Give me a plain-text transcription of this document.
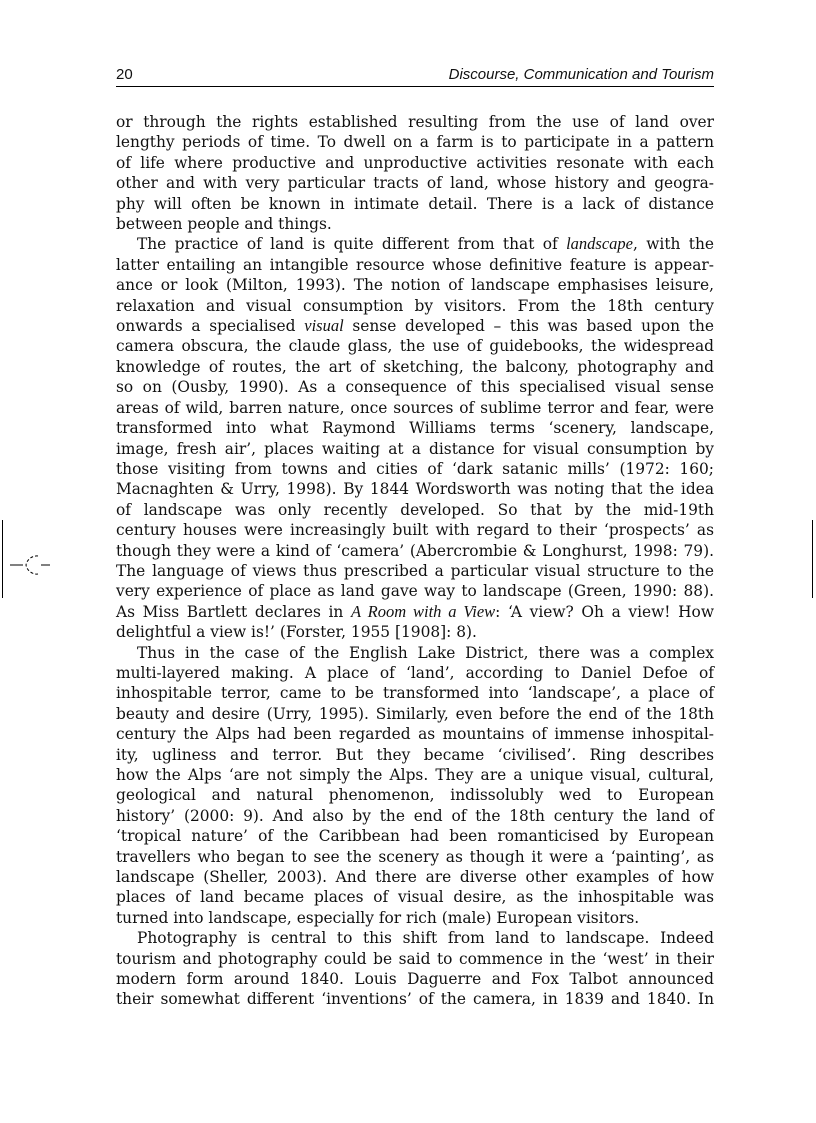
20	Discourse, Communication and Tourism

or through the rights established resulting from the use of land over
lengthy periods of time. To dwell on a farm is to participate in a pattern
of life where productive and unproductive activities resonate with each
other and with very particular tracts of land, whose history and geogra-
phy will often be known in intimate detail. There is a lack of distance
between people and things.

The practice of land is quite different from that of landscape, with the
latter entailing an intangible resource whose definitive feature is appear-
ance or look (Milton, 1993). The notion of landscape emphasises leisure,
relaxation and visual consumption by visitors. From the 18th century
onwards a specialised visual sense developed – this was based upon the
camera obscura, the claude glass, the use of guidebooks, the widespread
knowledge of routes, the art of sketching, the balcony, photography and
so on (Ousby, 1990). As a consequence of this specialised visual sense
areas of wild, barren nature, once sources of sublime terror and fear, were
transformed into what Raymond Williams terms ‘scenery, landscape,
image, fresh air’, places waiting at a distance for visual consumption by
those visiting from towns and cities of ‘dark satanic mills’ (1972: 160;
Macnaghten & Urry, 1998). By 1844 Wordsworth was noting that the idea
of landscape was only recently developed. So that by the mid-19th
century houses were increasingly built with regard to their ‘prospects’ as
though they were a kind of ‘camera’ (Abercrombie & Longhurst, 1998: 79).
The language of views thus prescribed a particular visual structure to the
very experience of place as land gave way to landscape (Green, 1990: 88).
As Miss Bartlett declares in A Room with a View: ‘A view? Oh a view! How
delightful a view is!’ (Forster, 1955 [1908]: 8).

Thus in the case of the English Lake District, there was a complex
multi-layered making. A place of ‘land’, according to Daniel Defoe of
inhospitable terror, came to be transformed into ‘landscape’, a place of
beauty and desire (Urry, 1995). Similarly, even before the end of the 18th
century the Alps had been regarded as mountains of immense inhospital-
ity, ugliness and terror. But they became ‘civilised’. Ring describes
how the Alps ‘are not simply the Alps. They are a unique visual, cultural,
geological and natural phenomenon, indissolubly wed to European
history’ (2000: 9). And also by the end of the 18th century the land of
‘tropical nature’ of the Caribbean had been romanticised by European
travellers who began to see the scenery as though it were a ‘painting’, as
landscape (Sheller, 2003). And there are diverse other examples of how
places of land became places of visual desire, as the inhospitable was
turned into landscape, especially for rich (male) European visitors.

Photography is central to this shift from land to landscape. Indeed
tourism and photography could be said to commence in the ‘west’ in their
modern form around 1840. Louis Daguerre and Fox Talbot announced
their somewhat different ‘inventions’ of the camera, in 1839 and 1840. In
